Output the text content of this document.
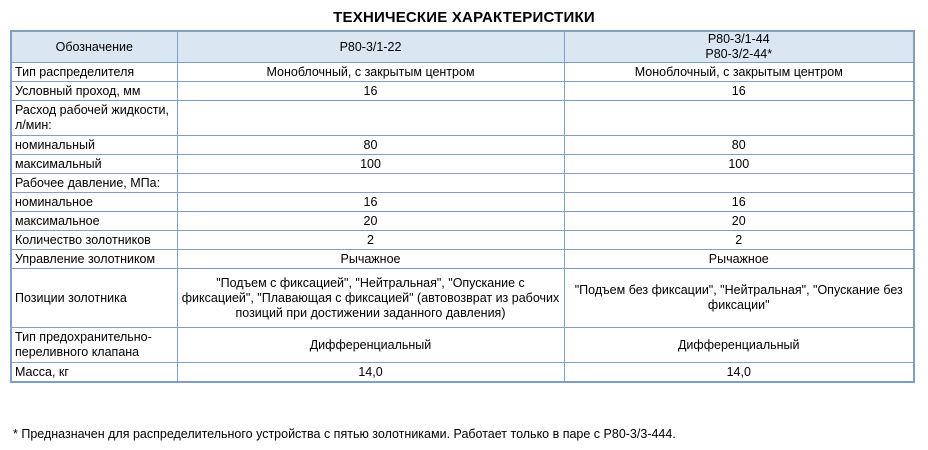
ТЕХНИЧЕСКИЕ ХАРАКТЕРИСТИКИ
Обозначение	Р80-3/1-22	Р80-3/1-44
Р80-3/2-44*

Тип распределителя	Моноблочный, с закрытым центром	Моноблочный, с закрытым центром
Условный проход, мм	16	16
Расход рабочей жидкости, л/мин:		
номинальный	80	80
максимальный	100	100
Рабочее давление, МПа:		
номинальное	16	16
максимальное	20	20
Количество золотников	2	2
Управление золотником	Рычажное	Рычажное
Позиции золотника	"Подъем с фиксацией", "Нейтральная", "Опускание с фиксацией", "Плавающая с фиксацией" (автовозврат из рабочих позиций при достижении заданного давления)	"Подъем без фиксации", "Нейтральная", "Опускание без фиксации"
Тип предохранительно-переливного клапана	Дифференциальный	Дифференциальный
Масса, кг	14,0	14,0
* Предназначен для распределительного устройства с пятью золотниками. Работает только в паре с Р80-3/3-444.
